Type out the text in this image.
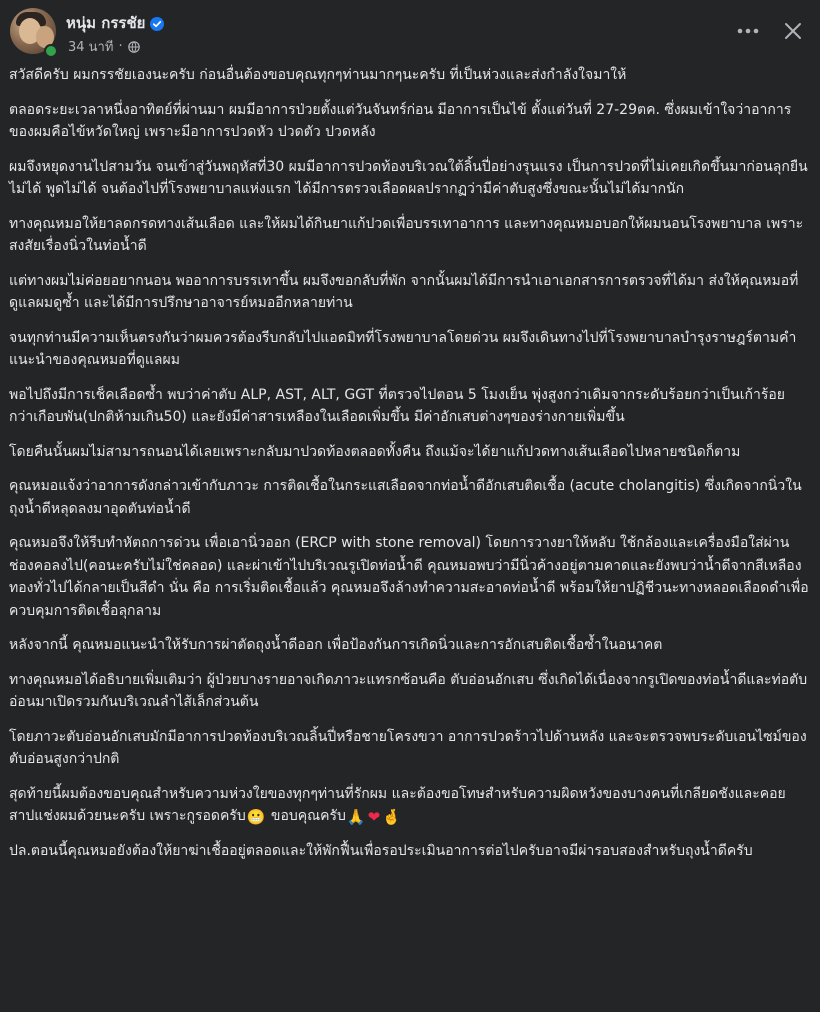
หนุ่ม กรรชัย
34 นาที ·

สวัสดีครับ ผมกรรชัยเองนะครับ ก่อนอื่นต้องขอบคุณทุกๆท่านมากๆนะครับ ที่เป็นห่วงและส่งกำลังใจมาให้

ตลอดระยะเวลาหนึ่งอาทิตย์ที่ผ่านมา ผมมีอาการป่วยตั้งแต่วันจันทร์ก่อน มีอาการเป็นไข้ ตั้งแต่วันที่ 27-29ตค. ซึ่งผมเข้าใจว่าอาการของผมคือไข้หวัดใหญ่ เพราะมีอาการปวดหัว ปวดตัว ปวดหลัง

ผมจึงหยุดงานไปสามวัน จนเข้าสู่วันพฤหัสที่30 ผมมีอาการปวดท้องบริเวณใต้ลิ้นปี่อย่างรุนแรง เป็นการปวดที่ไม่เคยเกิดขึ้นมาก่อนลุกยืนไม่ได้ พูดไม่ได้ จนต้องไปที่โรงพยาบาลแห่งแรก ได้มีการตรวจเลือดผลปรากฏว่ามีค่าตับสูงซึ่งขณะนั้นไม่ได้มากนัก

ทางคุณหมอให้ยาลดกรดทางเส้นเลือด และให้ผมได้กินยาแก้ปวดเพื่อบรรเทาอาการ และทางคุณหมอบอกให้ผมนอนโรงพยาบาล เพราะสงสัยเรื่องนิ่วในท่อน้ำดี

แต่ทางผมไม่ค่อยอยากนอน พออาการบรรเทาขึ้น ผมจึงขอกลับที่พัก จากนั้นผมได้มีการนำเอาเอกสารการตรวจที่ได้มา ส่งให้คุณหมอที่ดูแลผมดูซ้ำ และได้มีการปรึกษาอาจารย์หมออีกหลายท่าน

จนทุกท่านมีความเห็นตรงกันว่าผมควรต้องรีบกลับไปแอดมิทที่โรงพยาบาลโดยด่วน ผมจึงเดินทางไปที่โรงพยาบาลบำรุงราษฎร์ตามคำแนะนำของคุณหมอที่ดูแลผม

พอไปถึงมีการเช็คเลือดซ้ำ พบว่าค่าตับ ALP, AST, ALT, GGT ที่ตรวจไปตอน 5 โมงเย็น พุ่งสูงกว่าเดิมจากระดับร้อยกว่าเป็นเก้าร้อยกว่าเกือบพัน(ปกติห้ามเกิน50) และยังมีค่าสารเหลืองในเลือดเพิ่มขึ้น มีค่าอักเสบต่างๆของร่างกายเพิ่มขึ้น

โดยคืนนั้นผมไม่สามารถนอนได้เลยเพราะกลับมาปวดท้องตลอดทั้งคืน ถึงแม้จะได้ยาแก้ปวดทางเส้นเลือดไปหลายชนิดก็ตาม

คุณหมอแจ้งว่าอาการดังกล่าวเข้ากับภาวะ การติดเชื้อในกระแสเลือดจากท่อน้ำดีอักเสบติดเชื้อ (acute cholangitis) ซึ่งเกิดจากนิ่วในถุงน้ำดีหลุดลงมาอุดตันท่อน้ำดี

คุณหมอจึงให้รีบทำหัตถการด่วน เพื่อเอานิ่วออก (ERCP with stone removal) โดยการวางยาให้หลับ ใช้กล้องและเครื่องมือใส่ผ่านช่องคอลงไป(คอนะครับไม่ใช่คลอด) และผ่าเข้าไปบริเวณรูเปิดท่อน้ำดี คุณหมอพบว่ามีนิ่วค้างอยู่ตามคาดและยังพบว่าน้ำดีจากสีเหลืองทองทั่วไปได้กลายเป็นสีดำ นั่น คือ การเริ่มติดเชื้อแล้ว คุณหมอจึงล้างทำความสะอาดท่อน้ำดี พร้อมให้ยาปฏิชีวนะทางหลอดเลือดดำเพื่อควบคุมการติดเชื้อลุกลาม

หลังจากนี้ คุณหมอแนะนำให้รับการผ่าตัดถุงน้ำดีออก เพื่อป้องกันการเกิดนิ่วและการอักเสบติดเชื้อซ้ำในอนาคต

ทางคุณหมอได้อธิบายเพิ่มเติมว่า ผู้ป่วยบางรายอาจเกิดภาวะแทรกซ้อนคือ ตับอ่อนอักเสบ ซึ่งเกิดได้เนื่องจากรูเปิดของท่อน้ำดีและท่อตับอ่อนมาเปิดรวมกันบริเวณลำไส้เล็กส่วนต้น

โดยภาวะตับอ่อนอักเสบมักมีอาการปวดท้องบริเวณลิ้นปี่หรือชายโครงขวา อาการปวดร้าวไปด้านหลัง และจะตรวจพบระดับเอนไซม์ของตับอ่อนสูงกว่าปกติ

สุดท้ายนี้ผมต้องขอบคุณสำหรับความห่วงใยของทุกๆท่านที่รักผม และต้องขอโทษสำหรับความผิดหวังของบางคนที่เกลียดชังและคอยสาปแช่งผมด้วยนะครับ เพราะกูรอดครับ😬 ขอบคุณครับ🙏 ❤ 🤞

ปล.ตอนนี้คุณหมอยังต้องให้ยาฆ่าเชื้ออยู่ตลอดและให้พักฟื้นเพื่อรอประเมินอาการต่อไปครับอาจมีผ่ารอบสองสำหรับถุงน้ำดีครับ
